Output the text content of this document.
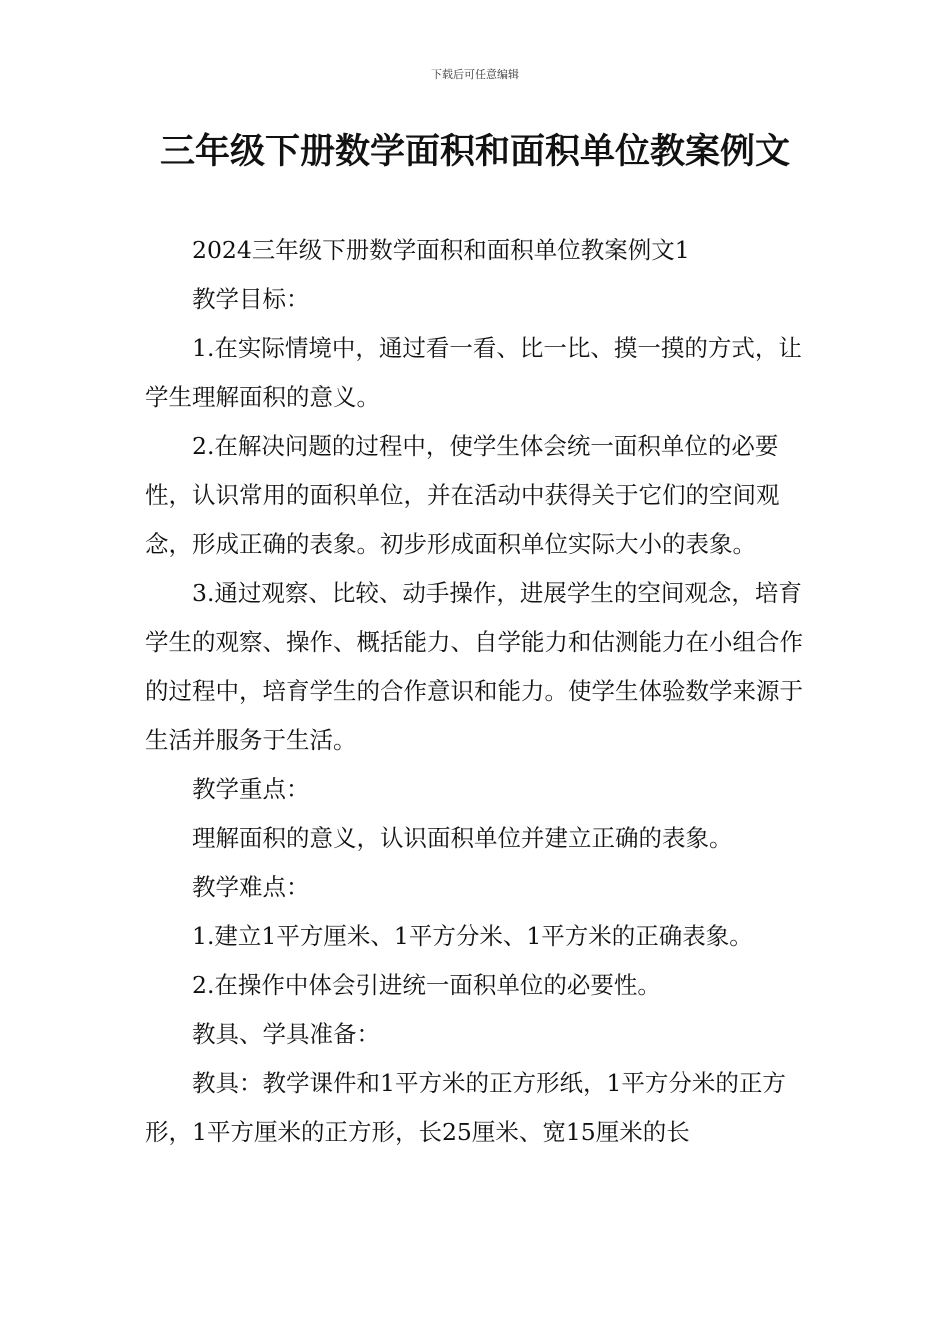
下载后可任意编辑
三年级下册数学面积和面积单位教案例文

2024三年级下册数学面积和面积单位教案例文1

教学目标：

1.在实际情境中，通过看一看、比一比、摸一摸的方式，让学生理解面积的意义。

2.在解决问题的过程中，使学生体会统一面积单位的必要性，认识常用的面积单位，并在活动中获得关于它们的空间观念，形成正确的表象。初步形成面积单位实际大小的表象。

3.通过观察、比较、动手操作，进展学生的空间观念，培育学生的观察、操作、概括能力、自学能力和估测能力在小组合作的过程中，培育学生的合作意识和能力。使学生体验数学来源于生活并服务于生活。

教学重点：

理解面积的意义，认识面积单位并建立正确的表象。

教学难点：

1.建立1平方厘米、1平方分米、1平方米的正确表象。

2.在操作中体会引进统一面积单位的必要性。

教具、学具准备：

教具：教学课件和1平方米的正方形纸，1平方分米的正方形，1平方厘米的正方形，长25厘米、宽15厘米的长
